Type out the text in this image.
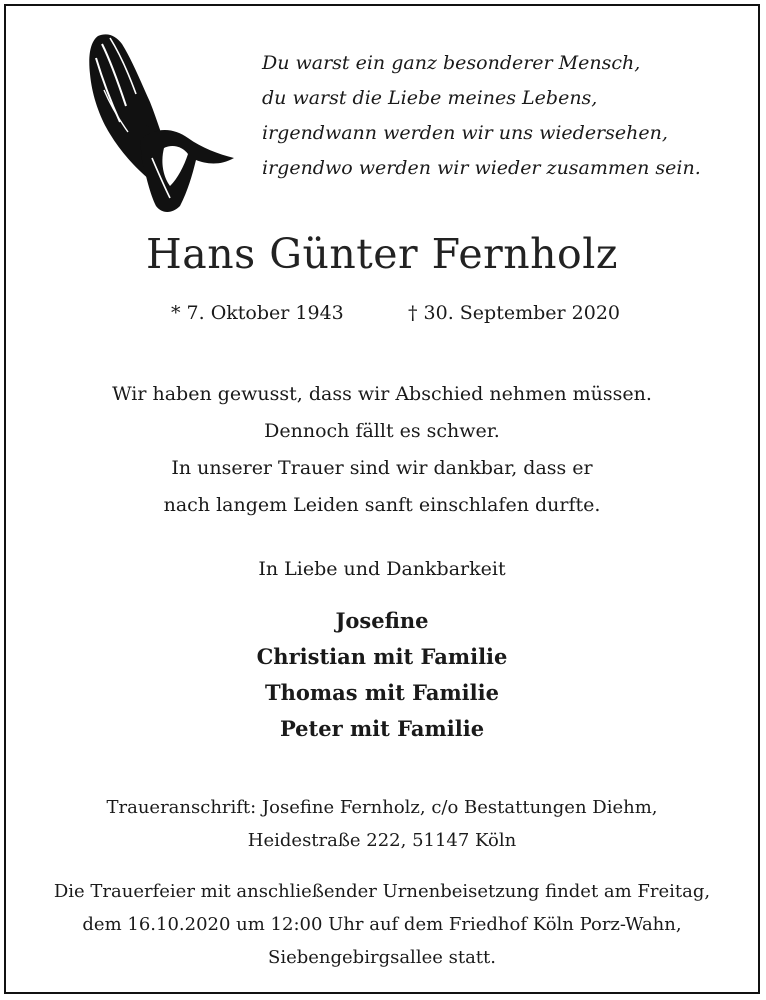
Du warst ein ganz besonderer Mensch,
du warst die Liebe meines Lebens,
irgendwann werden wir uns wiedersehen,
irgendwo werden wir wieder zusammen sein.
Hans Günter Fernholz
* 7. Oktober 1943	† 30. September 2020
Wir haben gewusst, dass wir Abschied nehmen müssen.
Dennoch fällt es schwer.
In unserer Trauer sind wir dankbar, dass er
nach langem Leiden sanft einschlafen durfte.
In Liebe und Dankbarkeit
Josefine
Christian mit Familie
Thomas mit Familie
Peter mit Familie
Traueranschrift: Josefine Fernholz, c/o Bestattungen Diehm,
Heidestraße 222, 51147 Köln
Die Trauerfeier mit anschließender Urnenbeisetzung findet am Freitag,
dem 16.10.2020 um 12:00 Uhr auf dem Friedhof Köln Porz-Wahn,
Siebengebirgsallee statt.
